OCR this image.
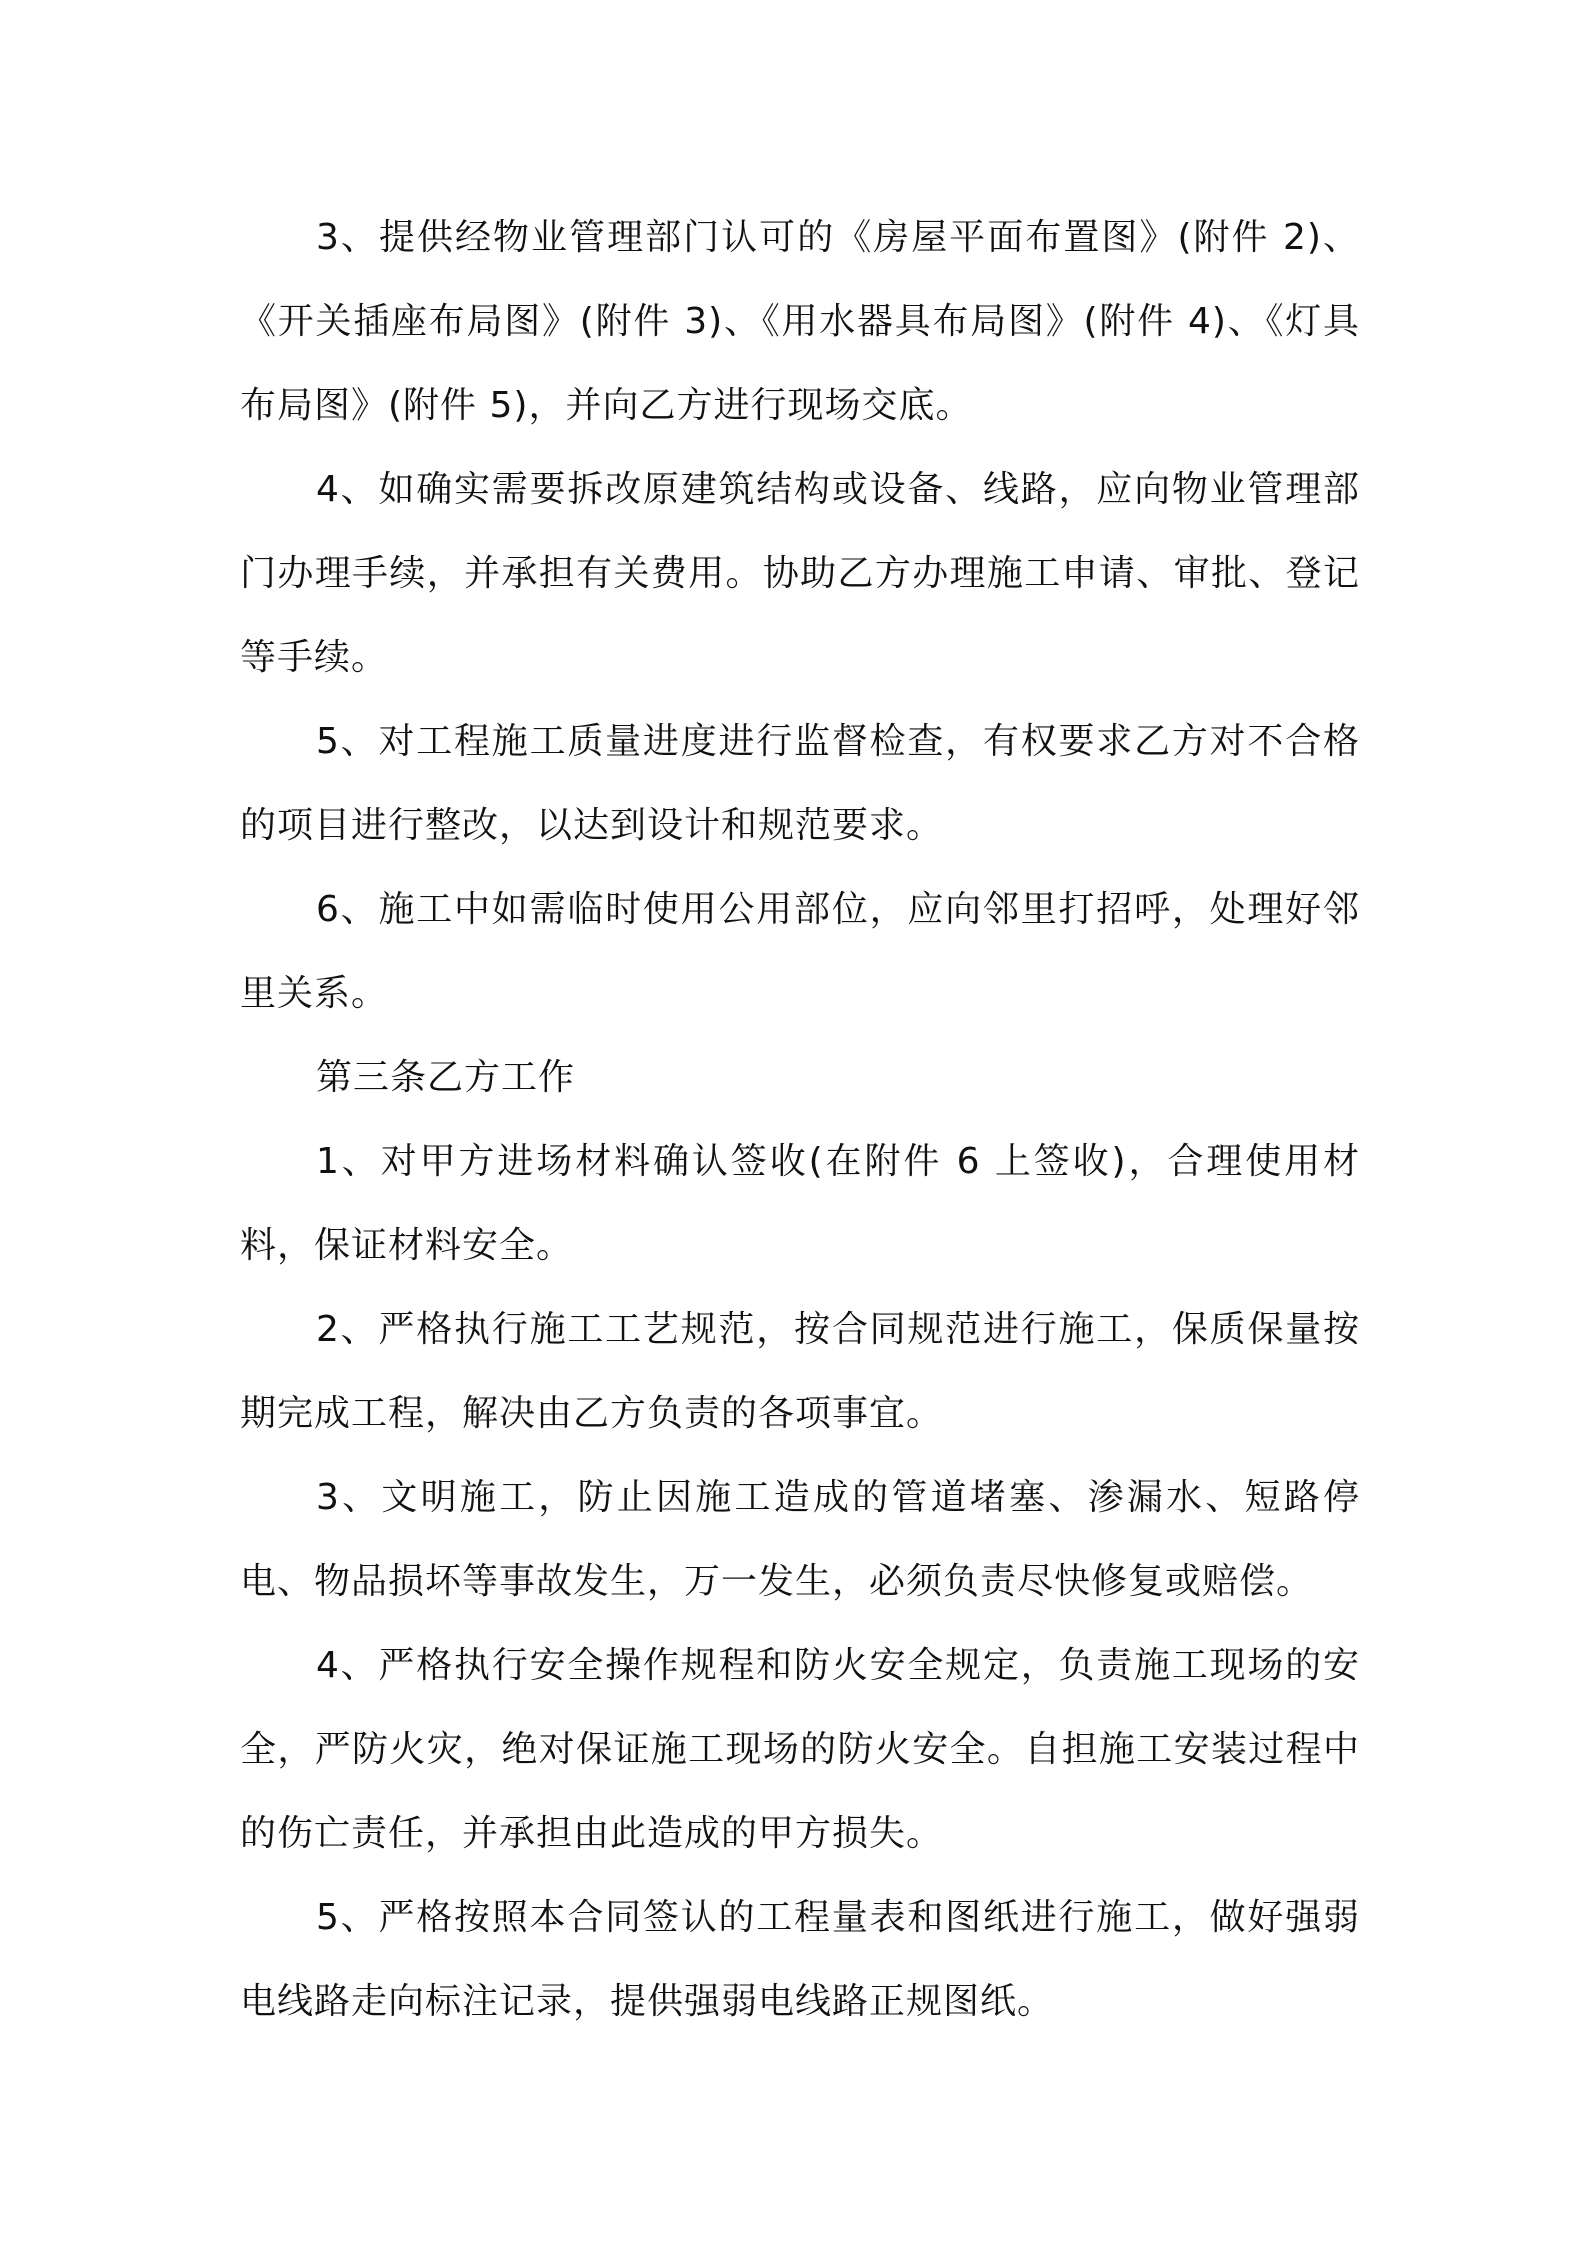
3、提供经物业管理部门认可的《房屋平面布置图》(附件 2)、《开关插座布局图》(附件 3)、《用水器具布局图》(附件 4)、《灯具布局图》(附件 5)，并向乙方进行现场交底。

4、如确实需要拆改原建筑结构或设备、线路，应向物业管理部门办理手续，并承担有关费用。协助乙方办理施工申请、审批、登记等手续。

5、对工程施工质量进度进行监督检查，有权要求乙方对不合格的项目进行整改，以达到设计和规范要求。

6、施工中如需临时使用公用部位，应向邻里打招呼，处理好邻里关系。

第三条乙方工作

1、对甲方进场材料确认签收(在附件 6 上签收)，合理使用材料，保证材料安全。

2、严格执行施工工艺规范，按合同规范进行施工，保质保量按期完成工程，解决由乙方负责的各项事宜。

3、文明施工，防止因施工造成的管道堵塞、渗漏水、短路停电、物品损坏等事故发生，万一发生，必须负责尽快修复或赔偿。

4、严格执行安全操作规程和防火安全规定，负责施工现场的安全，严防火灾，绝对保证施工现场的防火安全。自担施工安装过程中的伤亡责任，并承担由此造成的甲方损失。

5、严格按照本合同签认的工程量表和图纸进行施工，做好强弱电线路走向标注记录，提供强弱电线路正规图纸。
